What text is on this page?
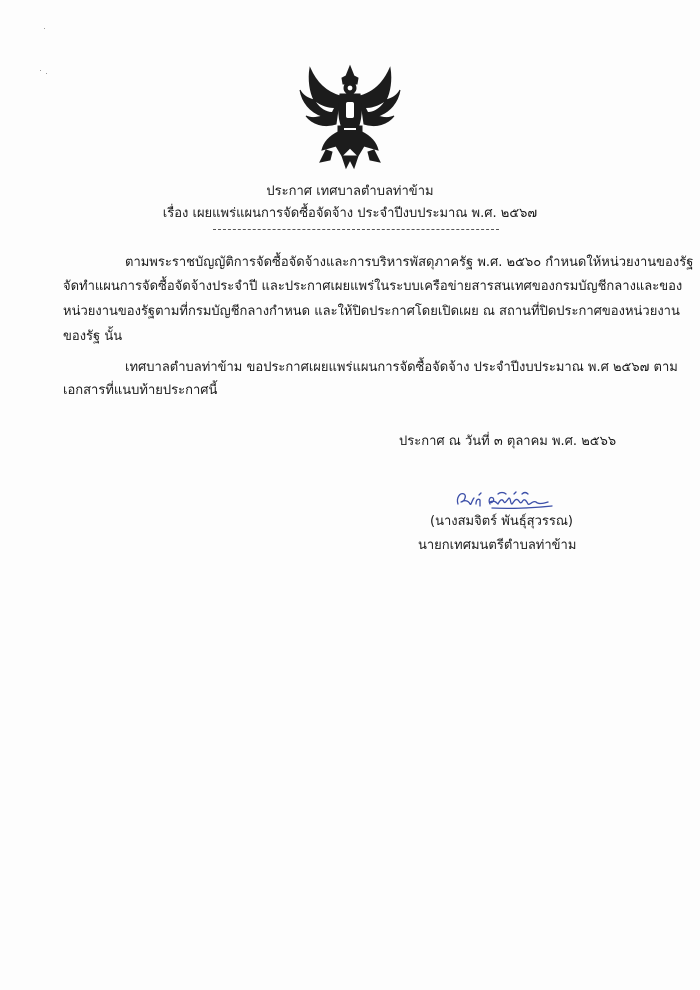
ประกาศ เทศบาลตำบลท่าข้าม
เรื่อง เผยแพร่แผนการจัดซื้อจัดจ้าง ประจำปีงบประมาณ พ.ศ. ๒๕๖๗
ตามพระราชบัญญัติการจัดซื้อจัดจ้างและการบริหารพัสดุภาครัฐ พ.ศ. ๒๕๖๐ กำหนดให้หน่วยงานของรัฐ
จัดทำแผนการจัดซื้อจัดจ้างประจำปี และประกาศเผยแพร่ในระบบเครือข่ายสารสนเทศของกรมบัญชีกลางและของ
หน่วยงานของรัฐตามที่กรมบัญชีกลางกำหนด และให้ปิดประกาศโดยเปิดเผย ณ สถานที่ปิดประกาศของหน่วยงาน
ของรัฐ นั้น
เทศบาลตำบลท่าข้าม ขอประกาศเผยแพร่แผนการจัดซื้อจัดจ้าง ประจำปีงบประมาณ พ.ศ ๒๕๖๗ ตาม
เอกสารที่แนบท้ายประกาศนี้
ประกาศ ณ วันที่ ๓ ตุลาคม พ.ศ. ๒๕๖๖
(นางสมจิตร์ พันธุ์สุวรรณ)
นายกเทศมนตรีตำบลท่าข้าม
